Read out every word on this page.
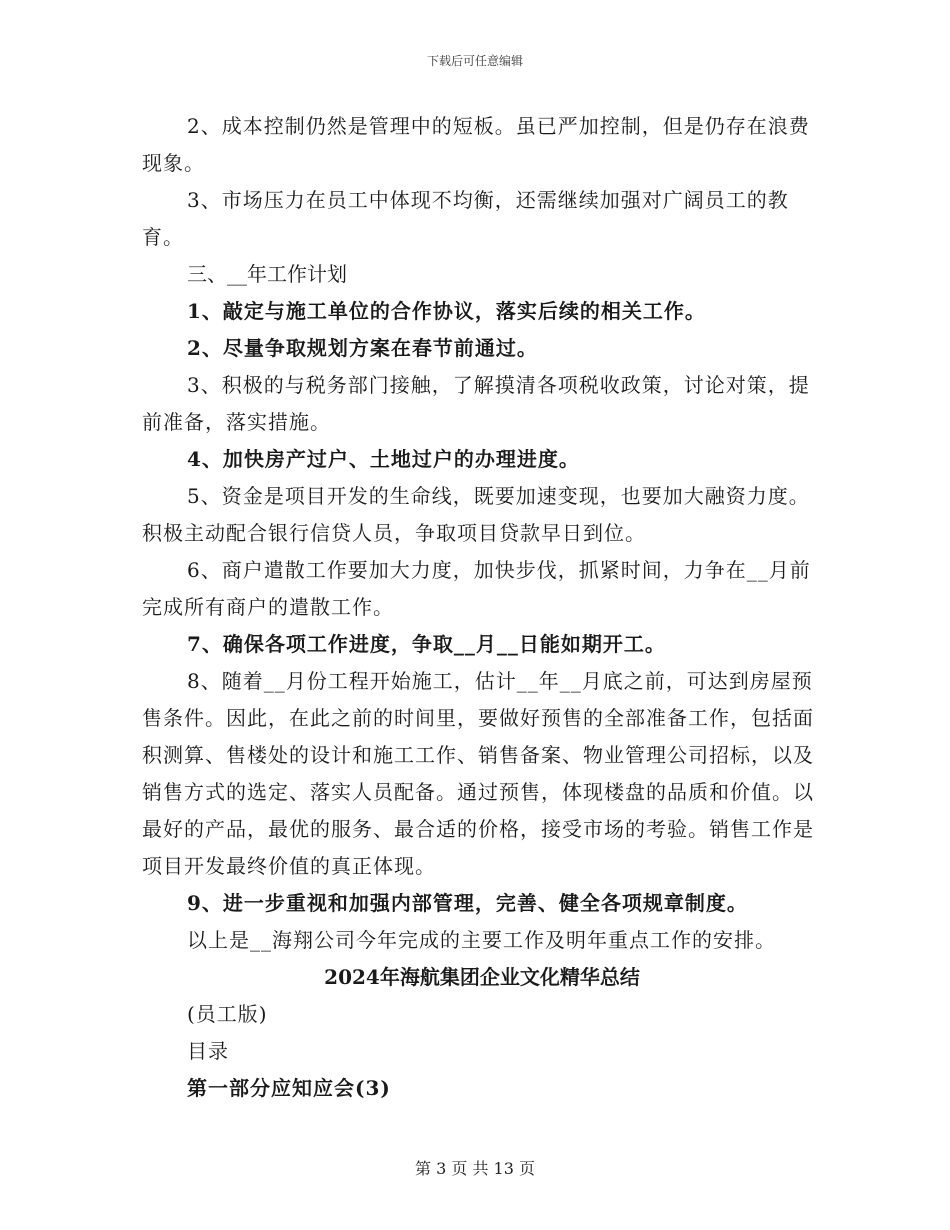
下载后可任意编辑

2、成本控制仍然是管理中的短板。虽已严加控制，但是仍存在浪费现象。

3、市场压力在员工中体现不均衡，还需继续加强对广阔员工的教育。

三、__年工作计划

1、敲定与施工单位的合作协议，落实后续的相关工作。

2、尽量争取规划方案在春节前通过。

3、积极的与税务部门接触，了解摸清各项税收政策，讨论对策，提前准备，落实措施。

4、加快房产过户、土地过户的办理进度。

5、资金是项目开发的生命线，既要加速变现，也要加大融资力度。积极主动配合银行信贷人员，争取项目贷款早日到位。

6、商户遣散工作要加大力度，加快步伐，抓紧时间，力争在__月前完成所有商户的遣散工作。

7、确保各项工作进度，争取__月__日能如期开工。

8、随着__月份工程开始施工，估计__年__月底之前，可达到房屋预售条件。因此，在此之前的时间里，要做好预售的全部准备工作，包括面积测算、售楼处的设计和施工工作、销售备案、物业管理公司招标，以及销售方式的选定、落实人员配备。通过预售，体现楼盘的品质和价值。以最好的产品，最优的服务、最合适的价格，接受市场的考验。销售工作是项目开发最终价值的真正体现。

9、进一步重视和加强内部管理，完善、健全各项规章制度。

以上是__海翔公司今年完成的主要工作及明年重点工作的安排。

2024年海航集团企业文化精华总结

(员工版)

目录

第一部分应知应会(3)

第 3 页 共 13 页
